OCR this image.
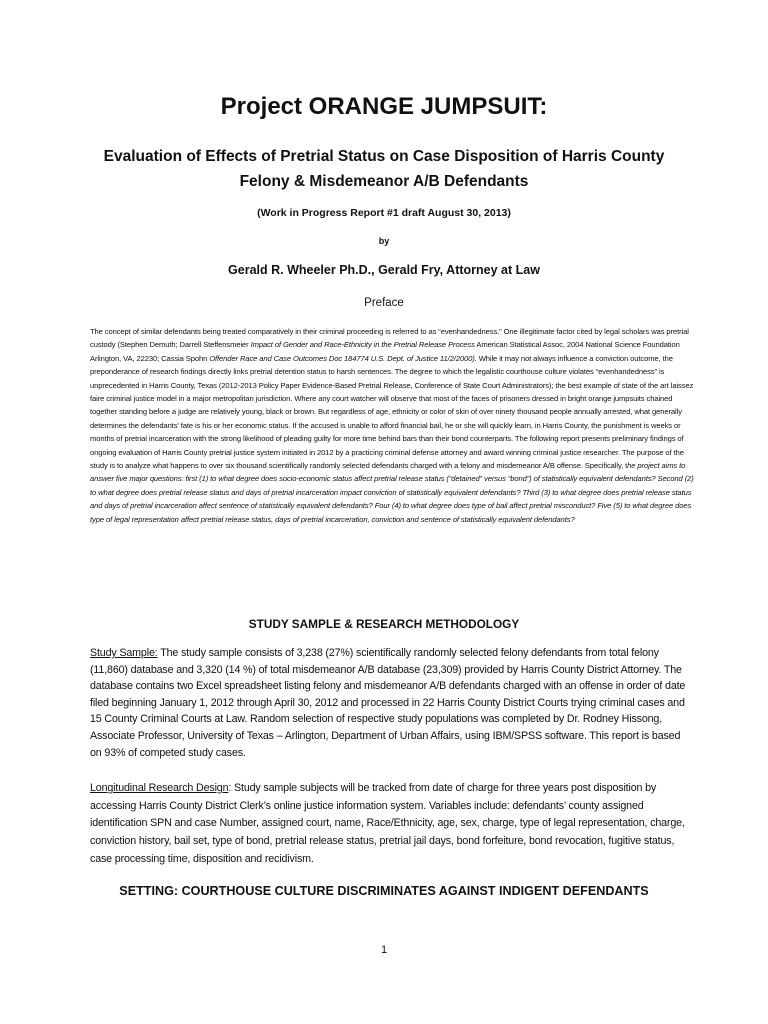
Project ORANGE JUMPSUIT:
Evaluation of Effects of Pretrial Status on Case Disposition of Harris County Felony & Misdemeanor A/B Defendants
(Work in Progress Report #1 draft August 30, 2013)
by
Gerald R. Wheeler Ph.D., Gerald Fry, Attorney at Law
Preface
The concept of similar defendants being treated comparatively in their criminal proceeding is referred to as “evenhandedness.” One illegitimate factor cited by legal scholars was pretrial custody (Stephen Demuth; Darrell Steffensmeier Impact of Gender and Race-Ethnicity in the Pretrial Release Process American Statistical Assoc, 2004 National Science Foundation Arlington, VA, 22230; Cassia Spohn Offender Race and Case Outcomes Doc 184774 U.S. Dept. of Justice 11/2/2000). While it may not always influence a conviction outcome, the preponderance of research findings directly links pretrial detention status to harsh sentences. The degree to which the legalistic courthouse culture violates “evenhandedness” is unprecedented in Harris County, Texas (2012-2013 Policy Paper Evidence-Based Pretrial Release, Conference of State Court Administrators); the best example of state of the art laissez faire criminal justice model in a major metropolitan jurisdiction. Where any court watcher will observe that most of the faces of prisoners dressed in bright orange jumpsuits chained together standing before a judge are relatively young, black or brown. But regardless of age, ethnicity or color of skin of over ninety thousand people annually arrested, what generally determines the defendants’ fate is his or her economic status. If the accused is unable to afford financial bail, he or she will quickly learn, in Harris County, the punishment is weeks or months of pretrial incarceration with the strong likelihood of pleading guilty for more time behind bars than their bond counterparts. The following report presents preliminary findings of ongoing evaluation of Harris County pretrial justice system initiated in 2012 by a practicing criminal defense attorney and award winning criminal justice researcher. The purpose of the study is to analyze what happens to over six thousand scientifically randomly selected defendants charged with a felony and misdemeanor A/B offense. Specifically, the project aims to answer five major questions: first (1) to what degree does socio-economic status affect pretrial release status (“detained” versus “bond”) of statistically equivalent defendants? Second (2) to what degree does pretrial release status and days of pretrial incarceration impact conviction of statistically equivalent defendants? Third (3) to what degree does pretrial release status and days of pretrial incarceration affect sentence of statistically equivalent defendants? Four (4) to what degree does type of bail affect pretrial misconduct? Five (5) to what degree does type of legal representation affect pretrial release status, days of pretrial incarceration, conviction and sentence of statistically equivalent defendants?
STUDY SAMPLE & RESEARCH METHODOLOGY
Study Sample: The study sample consists of 3,238 (27%) scientifically randomly selected felony defendants from total felony (11,860) database and 3,320 (14 %) of total misdemeanor A/B database (23,309) provided by Harris County District Attorney. The database contains two Excel spreadsheet listing felony and misdemeanor A/B defendants charged with an offense in order of date filed beginning January 1, 2012 through April 30, 2012 and processed in 22 Harris County District Courts trying criminal cases and 15 County Criminal Courts at Law. Random selection of respective study populations was completed by Dr. Rodney Hissong, Associate Professor, University of Texas – Arlington, Department of Urban Affairs, using IBM/SPSS software. This report is based on 93% of competed study cases.
Longitudinal Research Design: Study sample subjects will be tracked from date of charge for three years post disposition by accessing Harris County District Clerk’s online justice information system. Variables include: defendants’ county assigned identification SPN and case Number, assigned court, name, Race/Ethnicity, age, sex, charge, type of legal representation, charge, conviction history, bail set, type of bond, pretrial release status, pretrial jail days, bond forfeiture, bond revocation, fugitive status, case processing time, disposition and recidivism.
SETTING: COURTHOUSE CULTURE DISCRIMINATES AGAINST INDIGENT DEFENDANTS
1
